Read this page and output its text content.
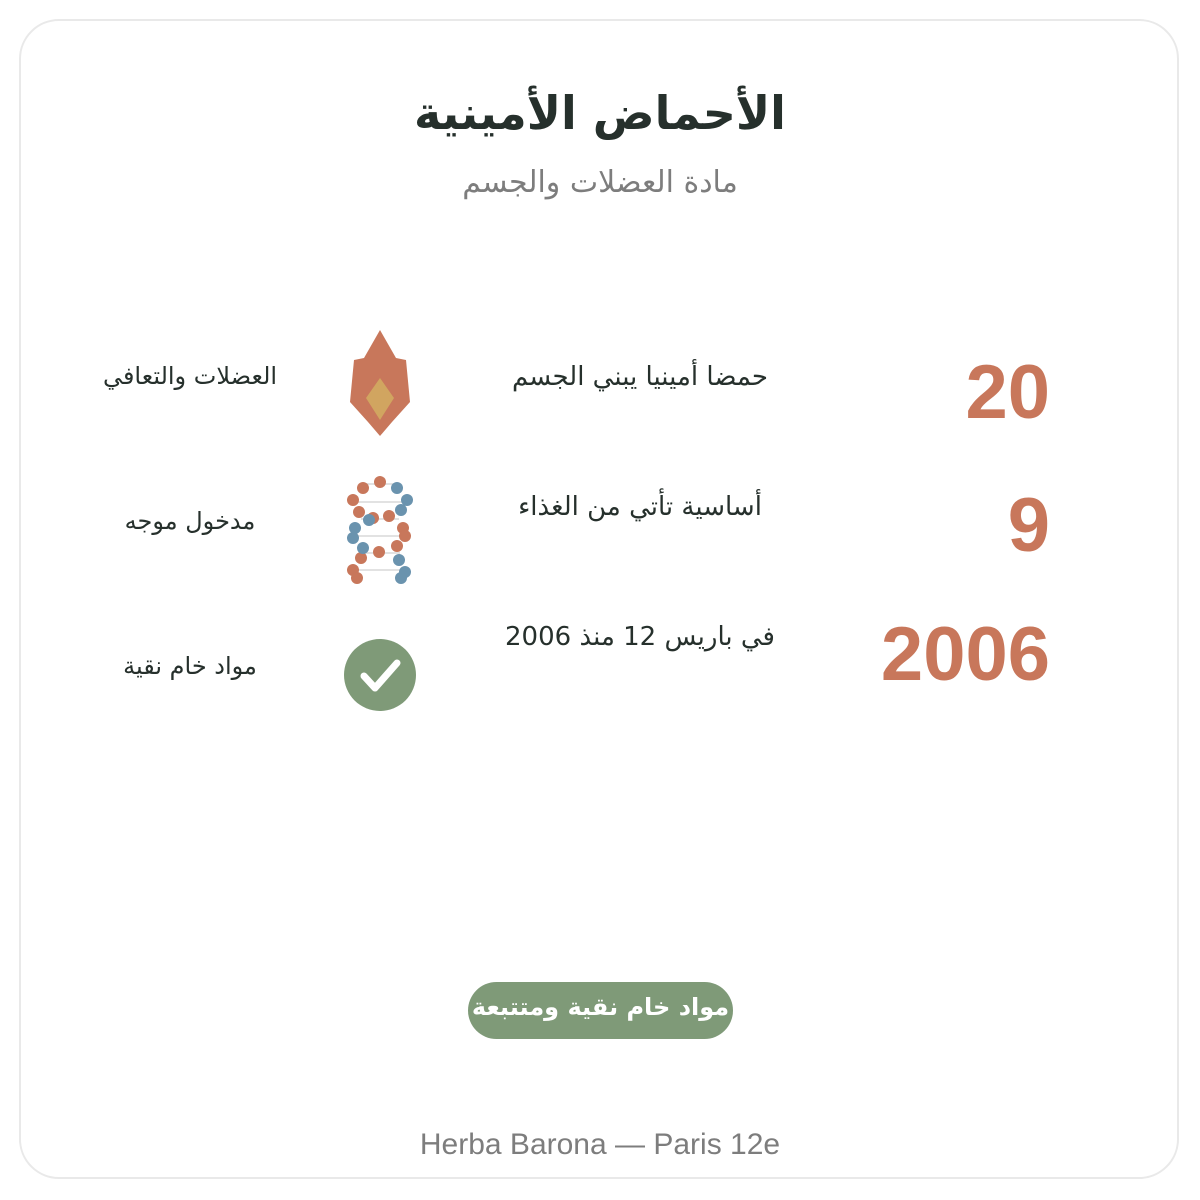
الأحماض الأمينية
مادة العضلات والجسم
20
حمضا أمينيا يبني الجسم
العضلات والتعافي
9
أساسية تأتي من الغذاء
مدخول موجه
2006
في باريس 12 منذ 2006
مواد خام نقية
مواد خام نقية ومتتبعة
Herba Barona — Paris 12e
